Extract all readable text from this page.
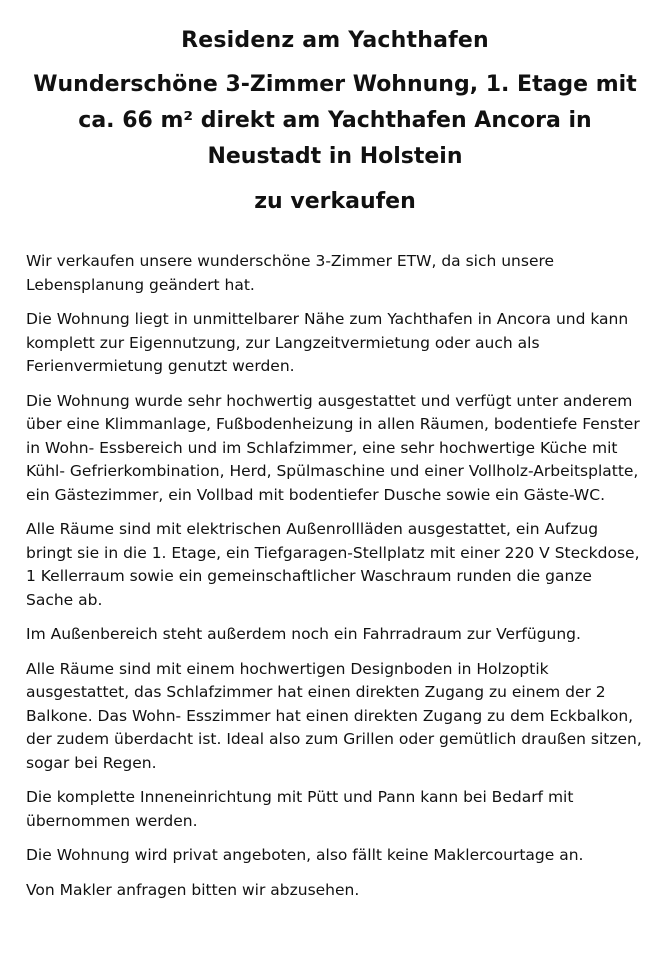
Residenz am Yachthafen
Wunderschöne 3-Zimmer Wohnung, 1. Etage mit ca. 66 m² direkt am Yachthafen Ancora in Neustadt in Holstein
zu verkaufen

Wir verkaufen unsere wunderschöne 3-Zimmer ETW, da sich unsere Lebensplanung geändert hat.

Die Wohnung liegt in unmittelbarer Nähe zum Yachthafen in Ancora und kann komplett zur Eigennutzung, zur Langzeitvermietung oder auch als Ferienvermietung genutzt werden.

Die Wohnung wurde sehr hochwertig ausgestattet und verfügt unter anderem über eine Klimmanlage, Fußbodenheizung in allen Räumen, bodentiefe Fenster in Wohn- Essbereich und im Schlafzimmer, eine sehr hochwertige Küche mit Kühl- Gefrierkombination, Herd, Spülmaschine und einer Vollholz-Arbeitsplatte, ein Gästezimmer, ein Vollbad mit bodentiefer Dusche sowie ein Gäste-WC.

Alle Räume sind mit elektrischen Außenrollläden ausgestattet, ein Aufzug bringt sie in die 1. Etage, ein Tiefgaragen-Stellplatz mit einer 220 V Steckdose, 1 Kellerraum sowie ein gemeinschaftlicher Waschraum runden die ganze Sache ab.

Im Außenbereich steht außerdem noch ein Fahrradraum zur Verfügung.

Alle Räume sind mit einem hochwertigen Designboden in Holzoptik ausgestattet, das Schlafzimmer hat einen direkten Zugang zu einem der 2 Balkone. Das Wohn- Esszimmer hat einen direkten Zugang zu dem Eckbalkon, der zudem überdacht ist. Ideal also zum Grillen oder gemütlich draußen sitzen, sogar bei Regen.

Die komplette Inneneinrichtung mit Pütt und Pann kann bei Bedarf mit übernommen werden.

Die Wohnung wird privat angeboten, also fällt keine Maklercourtage an.

Von Makler anfragen bitten wir abzusehen.
